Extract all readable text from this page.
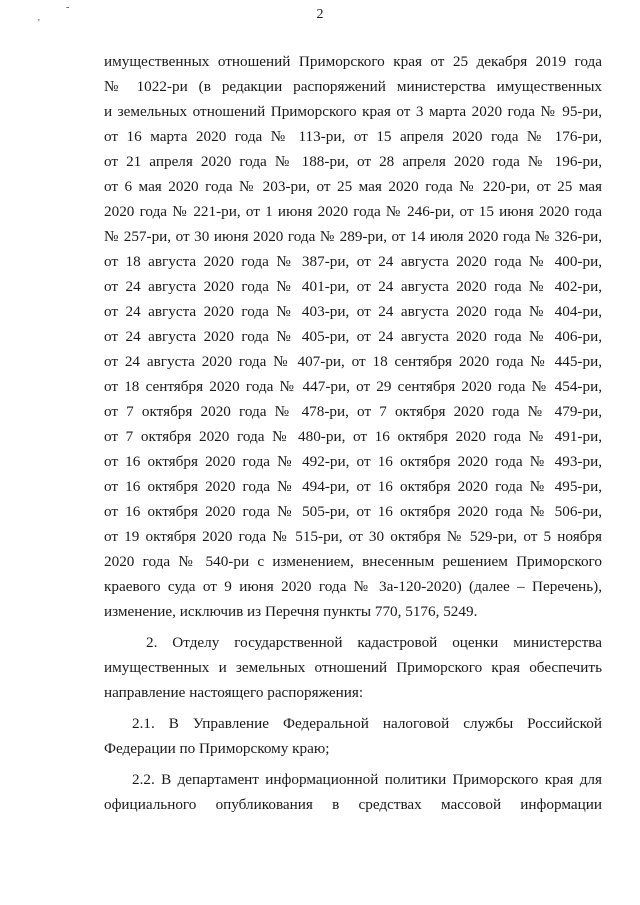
2
-
'
имущественных отношений Приморского края от 25 декабря 2019 года
№ 1022-ри (в редакции распоряжений министерства имущественных
и земельных отношений Приморского края от 3 марта 2020 года № 95-ри,
от 16 марта 2020 года № 113-ри, от 15 апреля 2020 года № 176-ри,
от 21 апреля 2020 года № 188-ри, от 28 апреля 2020 года № 196-ри,
от 6 мая 2020 года № 203-ри, от 25 мая 2020 года № 220-ри, от 25 мая
2020 года № 221-ри, от 1 июня 2020 года № 246-ри, от 15 июня 2020 года
№ 257-ри, от 30 июня 2020 года № 289-ри, от 14 июля 2020 года № 326-ри,
от 18 августа 2020 года № 387-ри, от 24 августа 2020 года № 400-ри,
от 24 августа 2020 года № 401-ри, от 24 августа 2020 года № 402-ри,
от 24 августа 2020 года № 403-ри, от 24 августа 2020 года № 404-ри,
от 24 августа 2020 года № 405-ри, от 24 августа 2020 года № 406-ри,
от 24 августа 2020 года № 407-ри, от 18 сентября 2020 года № 445-ри,
от 18 сентября 2020 года № 447-ри, от 29 сентября 2020 года № 454-ри,
от 7 октября 2020 года № 478-ри, от 7 октября 2020 года № 479-ри,
от 7 октября 2020 года № 480-ри, от 16 октября 2020 года № 491-ри,
от 16 октября 2020 года № 492-ри, от 16 октября 2020 года № 493-ри,
от 16 октября 2020 года № 494-ри, от 16 октября 2020 года № 495-ри,
от 16 октября 2020 года № 505-ри, от 16 октября 2020 года № 506-ри,
от 19 октября 2020 года № 515-ри, от 30 октября № 529-ри, от 5 ноября
2020 года № 540-ри с изменением, внесенным решением Приморского
краевого суда от 9 июня 2020 года № 3а-120-2020) (далее – Перечень),
изменение, исключив из Перечня пункты 770, 5176, 5249.
2. Отделу государственной кадастровой оценки министерства
имущественных и земельных отношений Приморского края обеспечить
направление настоящего распоряжения:
2.1. В Управление Федеральной налоговой службы Российской
Федерации по Приморскому краю;
2.2. В департамент информационной политики Приморского края для
официального опубликования в средствах массовой информации
